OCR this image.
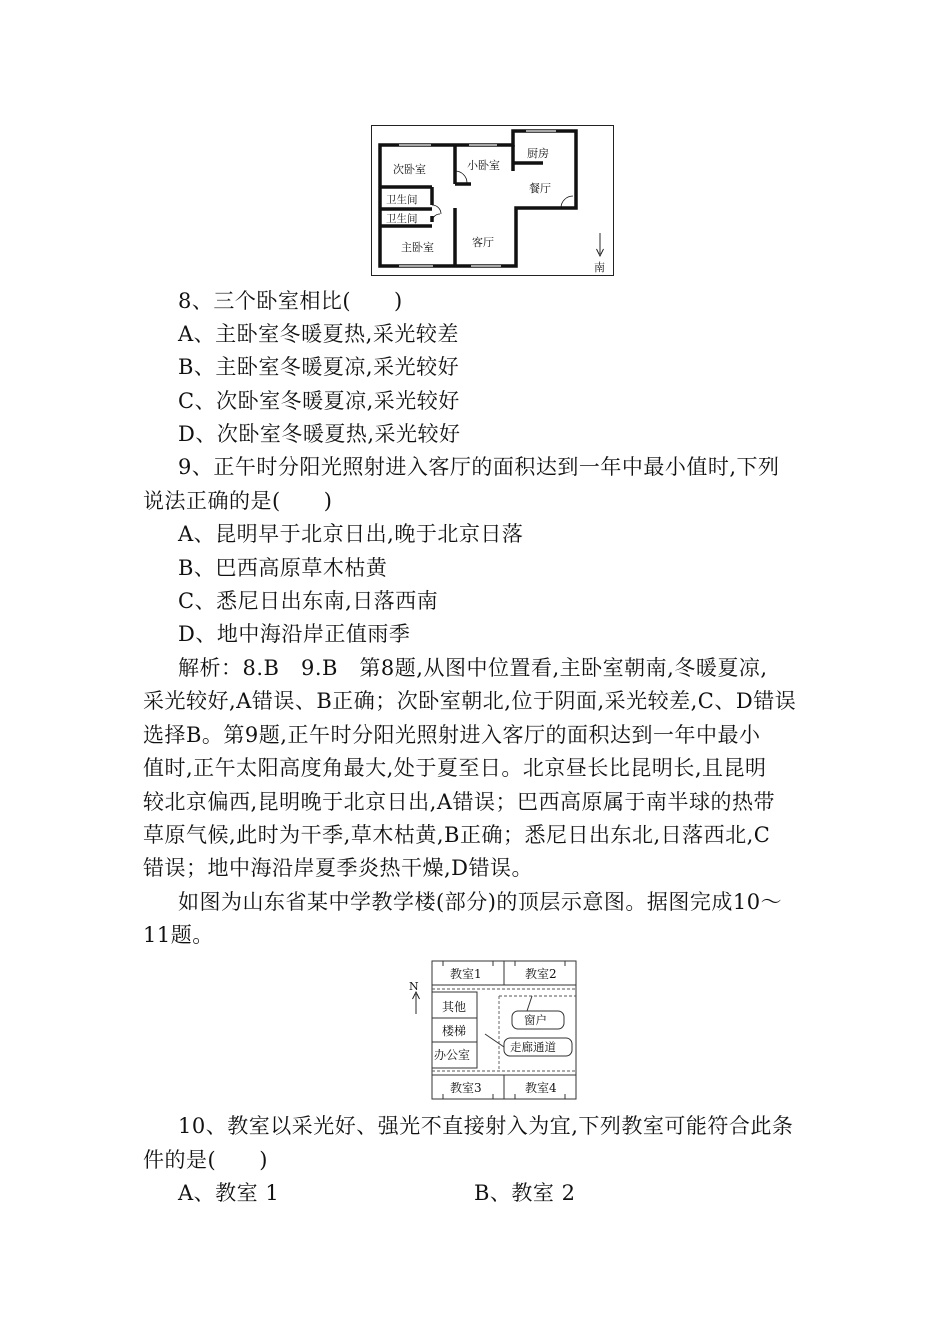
次卧室	小卧室
厨房
餐厅
卫生间
卫生间
主卧室	客厅
南
8、三个卧室相比(　　)
A、主卧室冬暖夏热,采光较差
B、主卧室冬暖夏凉,采光较好
C、次卧室冬暖夏凉,采光较好
D、次卧室冬暖夏热,采光较好
9、正午时分阳光照射进入客厅的面积达到一年中最小值时,下列
说法正确的是(　　)
A、昆明早于北京日出,晚于北京日落
B、巴西高原草木枯黄
C、悉尼日出东南,日落西南
D、地中海沿岸正值雨季
解析：8.B　9.B　第8题,从图中位置看,主卧室朝南,冬暖夏凉,
采光较好,A错误、B正确；次卧室朝北,位于阴面,采光较差,C、D错误
选择B。第9题,正午时分阳光照射进入客厅的面积达到一年中最小
值时,正午太阳高度角最大,处于夏至日。北京昼长比昆明长,且昆明
较北京偏西,昆明晚于北京日出,A错误；巴西高原属于南半球的热带
草原气候,此时为干季,草木枯黄,B正确；悉尼日出东北,日落西北,C
错误；地中海沿岸夏季炎热干燥,D错误。
如图为山东省某中学教学楼(部分)的顶层示意图。据图完成10～
11题。
N
教室1	教室2
教室3	教室4
其他
楼梯
办公室
窗户
走廊通道
10、教室以采光好、强光不直接射入为宜,下列教室可能符合此条
件的是(　　)
A、教室 1	B、教室 2
